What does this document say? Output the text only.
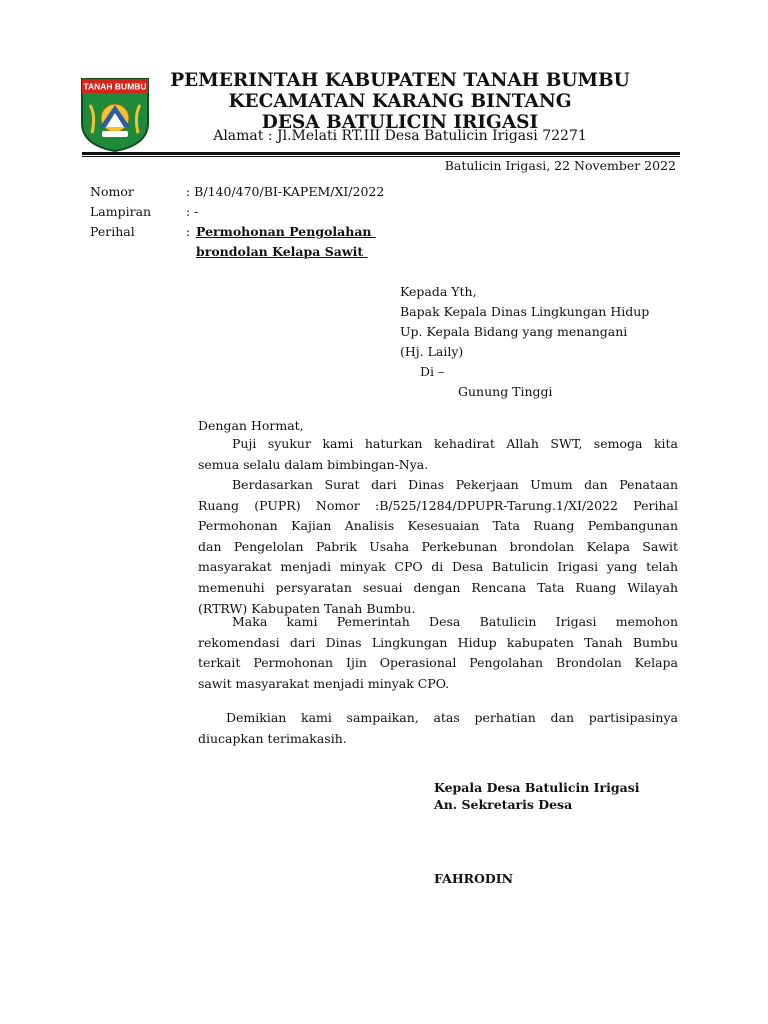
TANAH BUMBU PEMERINTAH KABUPATEN TANAH BUMBU
KECAMATAN KARANG BINTANG
DESA BATULICIN IRIGASI
Alamat : Jl.Melati RT.III Desa Batulicin Irigasi 72271
Batulicin Irigasi, 22 November 2022
Nomor	: B/140/470/BI-KAPEM/XI/2022
Lampiran	: -
Perihal	: Permohonan Pengolahan
brondolan Kelapa Sawit
Kepada Yth,
Bapak Kepala Dinas Lingkungan Hidup
Up. Kepala Bidang yang menangani
(Hj. Laily)
Di –
Gunung Tinggi
Dengan Hormat,
Puji syukur kami haturkan kehadirat Allah SWT, semoga kita
semua selalu dalam bimbingan-Nya.
Berdasarkan Surat dari Dinas Pekerjaan Umum dan Penataan
Ruang (PUPR) Nomor :B/525/1284/DPUPR-Tarung.1/XI/2022 Perihal
Permohonan Kajian Analisis Kesesuaian Tata Ruang Pembangunan
dan Pengelolan Pabrik Usaha Perkebunan brondolan Kelapa Sawit
masyarakat menjadi minyak CPO di Desa Batulicin Irigasi yang telah
memenuhi persyaratan sesuai dengan Rencana Tata Ruang Wilayah
(RTRW) Kabupaten Tanah Bumbu.
Maka kami Pemerintah Desa Batulicin Irigasi memohon
rekomendasi dari Dinas Lingkungan Hidup kabupaten Tanah Bumbu
terkait Permohonan Ijin Operasional Pengolahan Brondolan Kelapa
sawit masyarakat menjadi minyak CPO.
Demikian kami sampaikan, atas perhatian dan partisipasinya
diucapkan terimakasih.
Kepala Desa Batulicin Irigasi
An. Sekretaris Desa
FAHRODIN
